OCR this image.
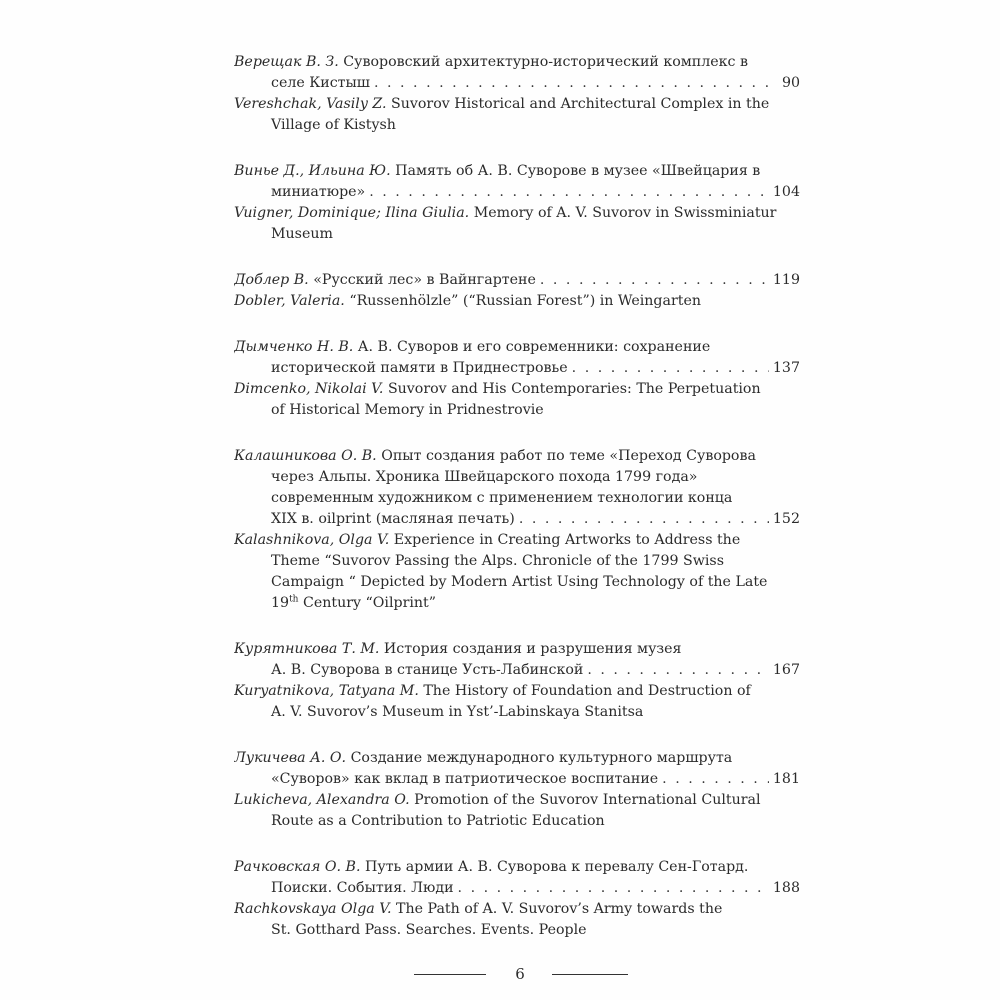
Верещак В. З. Суворовский архитектурно-исторический комплекс в
селе Кистыш . . .	90
Vereshchak, Vasily Z. Suvorov Historical and Architectural Complex in the
Village of Kistysh
Винье Д., Ильина Ю. Память об А. В. Суворове в музее «Швейцария в
миниатюре» . . .	104
Vuigner, Dominique; Ilina Giulia. Memory of A. V. Suvorov in Swissminiatur
Museum
Доблер В. «Русский лес» в Вайнгартене . . .	119
Dobler, Valeria. “Russenhölzle” (“Russian Forest”) in Weingarten
Дымченко Н. В. А. В. Суворов и его современники: сохранение
исторической памяти в Приднестровье . . .	137
Dimcenko, Nikolai V. Suvorov and His Contemporaries: The Perpetuation
of Historical Memory in Pridnestrovie
Калашникова О. В. Опыт создания работ по теме «Переход Суворова
через Альпы. Хроника Швейцарского похода 1799 года»
современным художником с применением технологии конца
XIX в. oilprint (масляная печать) . . .	152
Kalashnikova, Olga V. Experience in Creating Artworks to Address the
Theme “Suvorov Passing the Alps. Chronicle of the 1799 Swiss
Campaign “ Depicted by Modern Artist Using Technology of the Late
19th Century “Oilprint”
Курятникова Т. М. История создания и разрушения музея
А. В. Суворова в станице Усть-Лабинской . . .	167
Kuryatnikova, Tatyana M. The History of Foundation and Destruction of
A. V. Suvorov’s Museum in Yst’-Labinskaya Stanitsa
Лукичева А. О. Создание международного культурного маршрута
«Суворов» как вклад в патриотическое воспитание . . .	181
Lukicheva, Alexandra O. Promotion of the Suvorov International Cultural
Route as a Contribution to Patriotic Education
Рачковская О. В. Путь армии А. В. Суворова к перевалу Сен-Готард.
Поиски. События. Люди . . .	188
Rachkovskaya Olga V. The Path of A. V. Suvorov’s Army towards the
St. Gotthard Pass. Searches. Events. People
6
